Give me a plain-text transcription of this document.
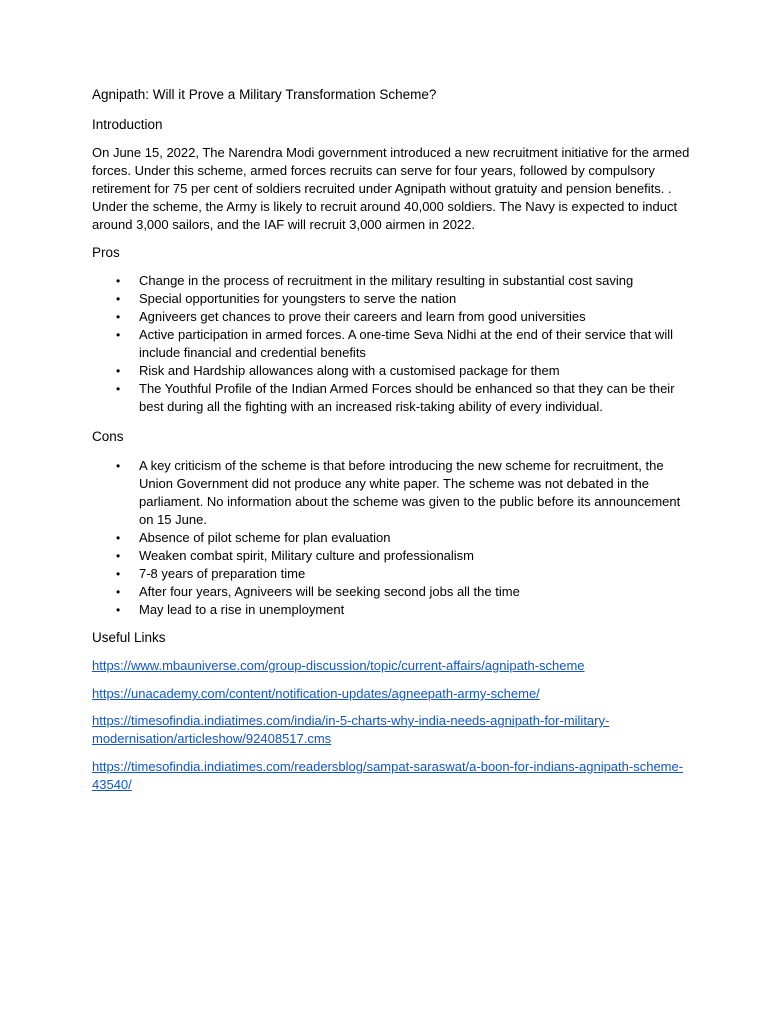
Agnipath: Will it Prove a Military Transformation Scheme?
Introduction
On June 15, 2022, The Narendra Modi government introduced a new recruitment initiative for the armed forces. Under this scheme, armed forces recruits can serve for four years, followed by compulsory retirement for 75 per cent of soldiers recruited under Agnipath without gratuity and pension benefits. . Under the scheme, the Army is likely to recruit around 40,000 soldiers. The Navy is expected to induct around 3,000 sailors, and the IAF will recruit 3,000 airmen in 2022.
Pros
• Change in the process of recruitment in the military resulting in substantial cost saving
• Special opportunities for youngsters to serve the nation
• Agniveers get chances to prove their careers and learn from good universities
• Active participation in armed forces. A one-time Seva Nidhi at the end of their service that will include financial and credential benefits
• Risk and Hardship allowances along with a customised package for them
• The Youthful Profile of the Indian Armed Forces should be enhanced so that they can be their best during all the fighting with an increased risk-taking ability of every individual.
Cons
• A key criticism of the scheme is that before introducing the new scheme for recruitment, the Union Government did not produce any white paper. The scheme was not debated in the parliament. No information about the scheme was given to the public before its announcement on 15 June.
• Absence of pilot scheme for plan evaluation
• Weaken combat spirit, Military culture and professionalism
• 7-8 years of preparation time
• After four years, Agniveers will be seeking second jobs all the time
• May lead to a rise in unemployment
Useful Links
https://www.mbauniverse.com/group-discussion/topic/current-affairs/agnipath-scheme
https://unacademy.com/content/notification-updates/agneepath-army-scheme/
https://timesofindia.indiatimes.com/india/in-5-charts-why-india-needs-agnipath-for-military-modernisation/articleshow/92408517.cms
https://timesofindia.indiatimes.com/readersblog/sampat-saraswat/a-boon-for-indians-agnipath-scheme-43540/
